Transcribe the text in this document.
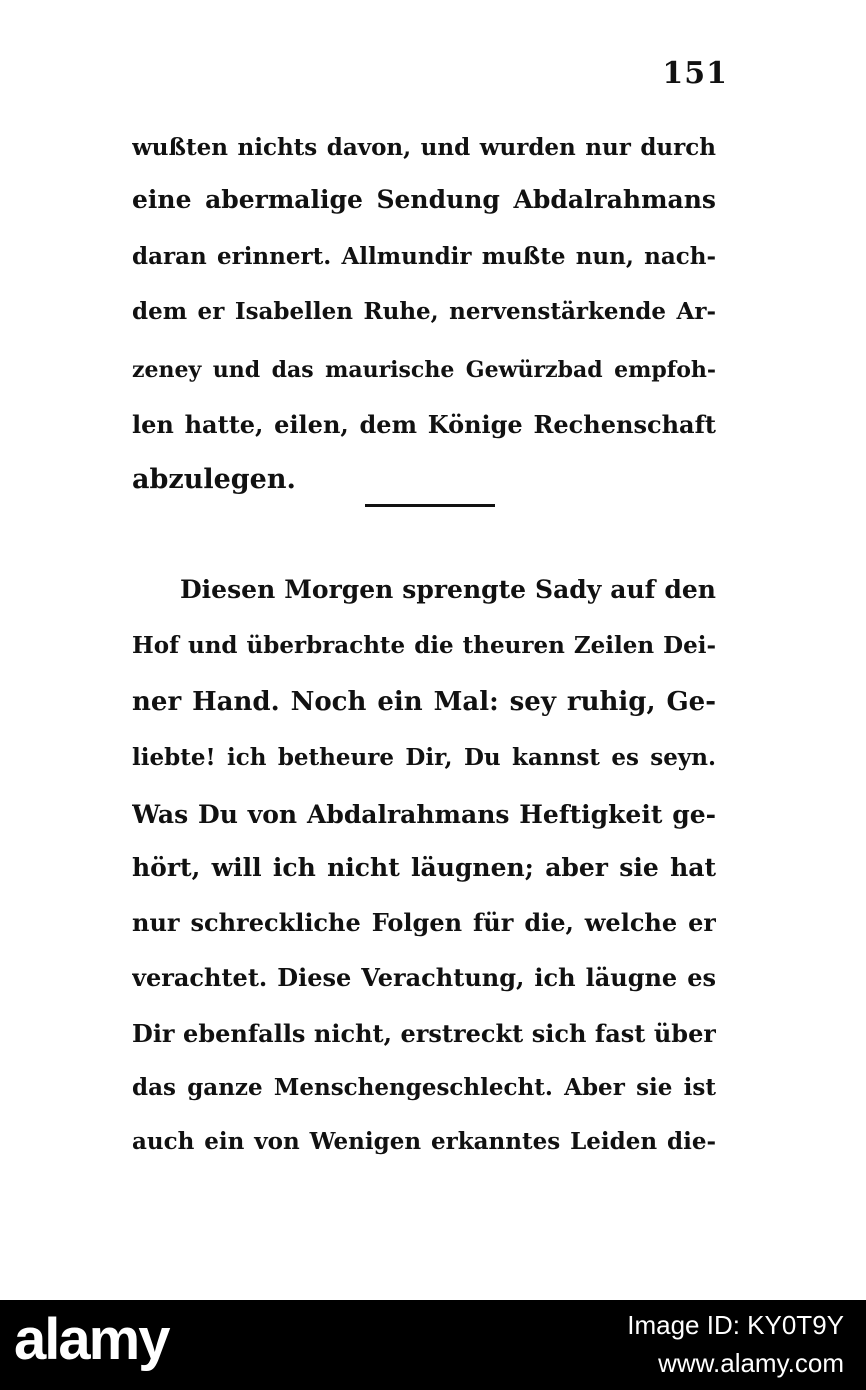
151
wußten nichts davon, und wurden nur durch
eine abermalige Sendung Abdalrahmans
daran erinnert. Allmundir mußte nun, nach-
dem er Isabellen Ruhe, nervenstärkende Ar-
zeney und das maurische Gewürzbad empfoh-
len hatte, eilen, dem Könige Rechenschaft
abzulegen.
Diesen Morgen sprengte Sady auf den
Hof und überbrachte die theuren Zeilen Dei-
ner Hand. Noch ein Mal: sey ruhig, Ge-
liebte! ich betheure Dir, Du kannst es seyn.
Was Du von Abdalrahmans Heftigkeit ge-
hört, will ich nicht läugnen; aber sie hat
nur schreckliche Folgen für die, welche er
verachtet. Diese Verachtung, ich läugne es
Dir ebenfalls nicht, erstreckt sich fast über
das ganze Menschengeschlecht. Aber sie ist
auch ein von Wenigen erkanntes Leiden die-
alamy	Image ID: KY0T9Y
www.alamy.com
